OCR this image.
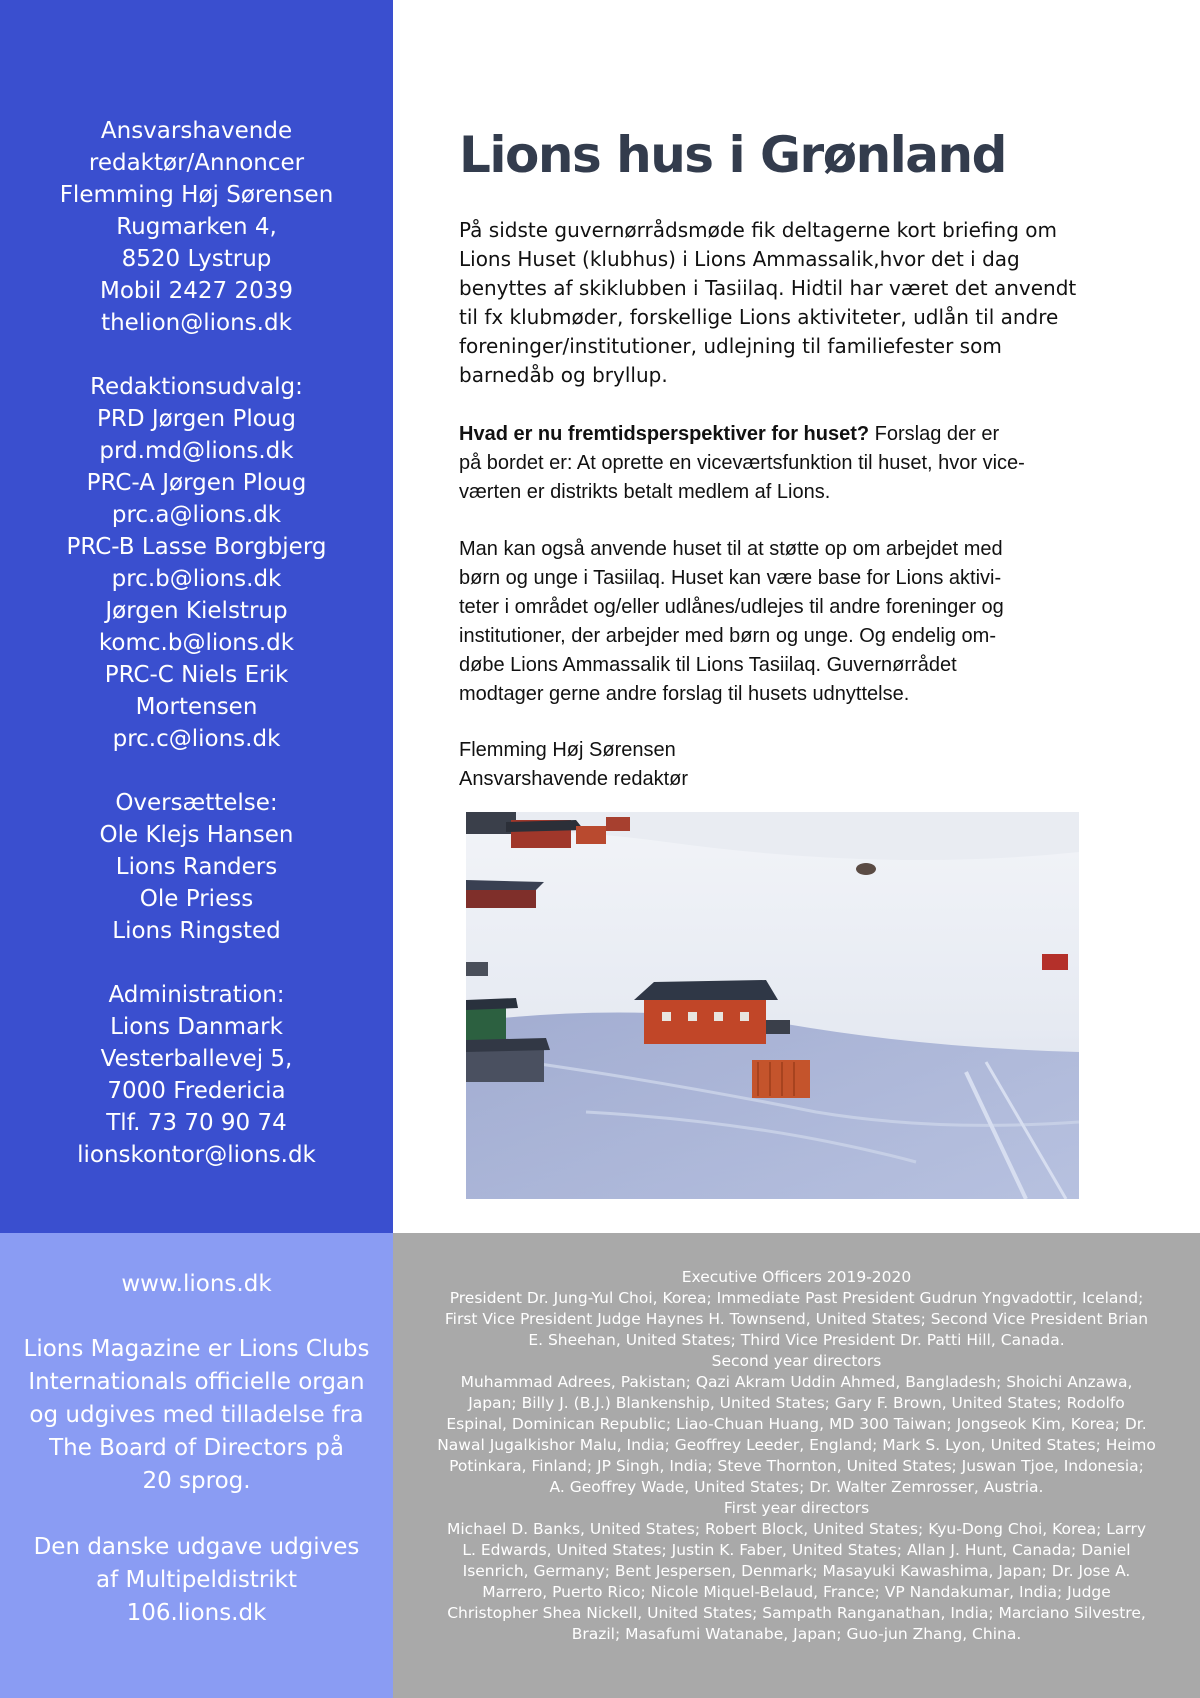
Ansvarshavende
redaktør/Annoncer
Flemming Høj Sørensen
Rugmarken 4,
8520 Lystrup
Mobil 2427 2039
thelion@lions.dk
Redaktionsudvalg:
PRD Jørgen Ploug
prd.md@lions.dk
PRC-A Jørgen Ploug
prc.a@lions.dk
PRC-B Lasse Borgbjerg
prc.b@lions.dk
Jørgen Kielstrup
komc.b@lions.dk
PRC-C Niels Erik
Mortensen
prc.c@lions.dk
Oversættelse:
Ole Klejs Hansen
Lions Randers
Ole Priess
Lions Ringsted
Administration:
Lions Danmark
Vesterballevej 5,
7000 Fredericia
Tlf. 73 70 90 74
lionskontor@lions.dk
Lions hus i Grønland
På sidste guvernørrådsmøde fik deltagerne kort briefing om
Lions Huset (klubhus) i Lions Ammassalik,hvor det i dag
benyttes af skiklubben i Tasiilaq. Hidtil har været det anvendt
til fx klubmøder, forskellige Lions aktiviteter, udlån til andre
foreninger/institutioner, udlejning til familiefester som
barnedåb og bryllup.
Hvad er nu fremtidsperspektiver for huset? Forslag der er
på bordet er: At oprette en viceværtsfunktion til huset, hvor vice-
værten er distrikts betalt medlem af Lions.
Man kan også anvende huset til at støtte op om arbejdet med
børn og unge i Tasiilaq. Huset kan være base for Lions aktivi-
teter i området og/eller udlånes/udlejes til andre foreninger og
institutioner, der arbejder med børn og unge. Og endelig om-
døbe Lions Ammassalik til Lions Tasiilaq. Guvernørrådet
modtager gerne andre forslag til husets udnyttelse.
Flemming Høj Sørensen
Ansvarshavende redaktør
www.lions.dk
Lions Magazine er Lions Clubs
Internationals officielle organ
og udgives med tilladelse fra
The Board of Directors på
20 sprog.
Den danske udgave udgives
af Multipeldistrikt
106.lions.dk
Executive Officers 2019-2020
President Dr. Jung-Yul Choi, Korea; Immediate Past President Gudrun Yngvadottir, Iceland;
First Vice President Judge Haynes H. Townsend, United States; Second Vice President Brian
E. Sheehan, United States; Third Vice President Dr. Patti Hill, Canada.
Second year directors
Muhammad Adrees, Pakistan; Qazi Akram Uddin Ahmed, Bangladesh; Shoichi Anzawa,
Japan; Billy J. (B.J.) Blankenship, United States; Gary F. Brown, United States; Rodolfo
Espinal, Dominican Republic; Liao-Chuan Huang, MD 300 Taiwan; Jongseok Kim, Korea; Dr.
Nawal Jugalkishor Malu, India; Geoffrey Leeder, England; Mark S. Lyon, United States; Heimo
Potinkara, Finland; JP Singh, India; Steve Thornton, United States; Juswan Tjoe, Indonesia;
A. Geoffrey Wade, United States; Dr. Walter Zemrosser, Austria.
First year directors
Michael D. Banks, United States; Robert Block, United States; Kyu-Dong Choi, Korea; Larry
L. Edwards, United States; Justin K. Faber, United States; Allan J. Hunt, Canada; Daniel
Isenrich, Germany; Bent Jespersen, Denmark; Masayuki Kawashima, Japan; Dr. Jose A.
Marrero, Puerto Rico; Nicole Miquel-Belaud, France; VP Nandakumar, India; Judge
Christopher Shea Nickell, United States; Sampath Ranganathan, India; Marciano Silvestre,
Brazil; Masafumi Watanabe, Japan; Guo-jun Zhang, China.
